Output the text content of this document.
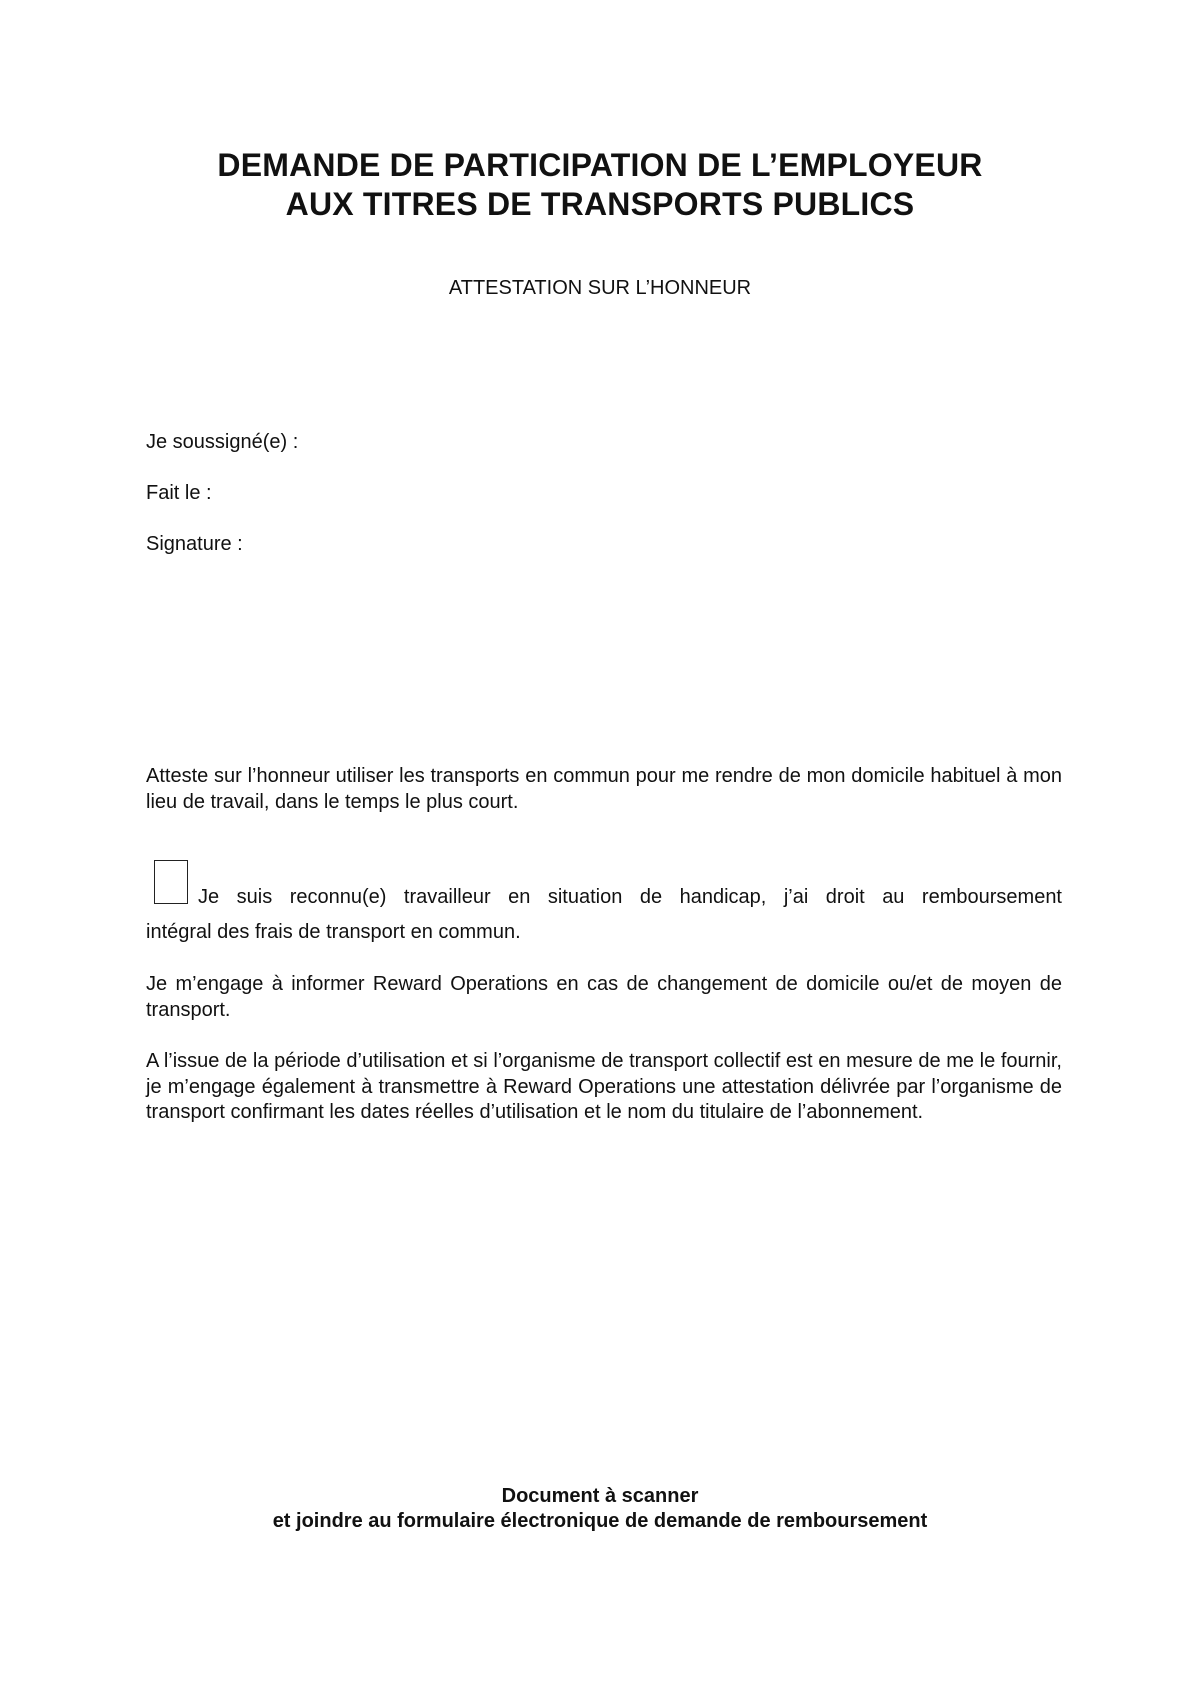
DEMANDE DE PARTICIPATION DE L’EMPLOYEUR
AUX TITRES DE TRANSPORTS PUBLICS
ATTESTATION SUR L’HONNEUR
Je soussigné(e) :
Fait le :
Signature :
Atteste sur l’honneur utiliser les transports en commun pour me rendre de mon domicile habituel à mon lieu de travail, dans le temps le plus court.
Je suis reconnu(e) travailleur en situation de handicap, j’ai droit au remboursement
intégral des frais de transport en commun.
Je m’engage à informer Reward Operations en cas de changement de domicile ou/et de moyen de transport.
A l’issue de la période d’utilisation et si l’organisme de transport collectif est en mesure de me le fournir, je m’engage également à transmettre à Reward Operations une attestation délivrée par l’organisme de transport confirmant les dates réelles d’utilisation et le nom du titulaire de l’abonnement.
Document à scanner
et joindre au formulaire électronique de demande de remboursement
